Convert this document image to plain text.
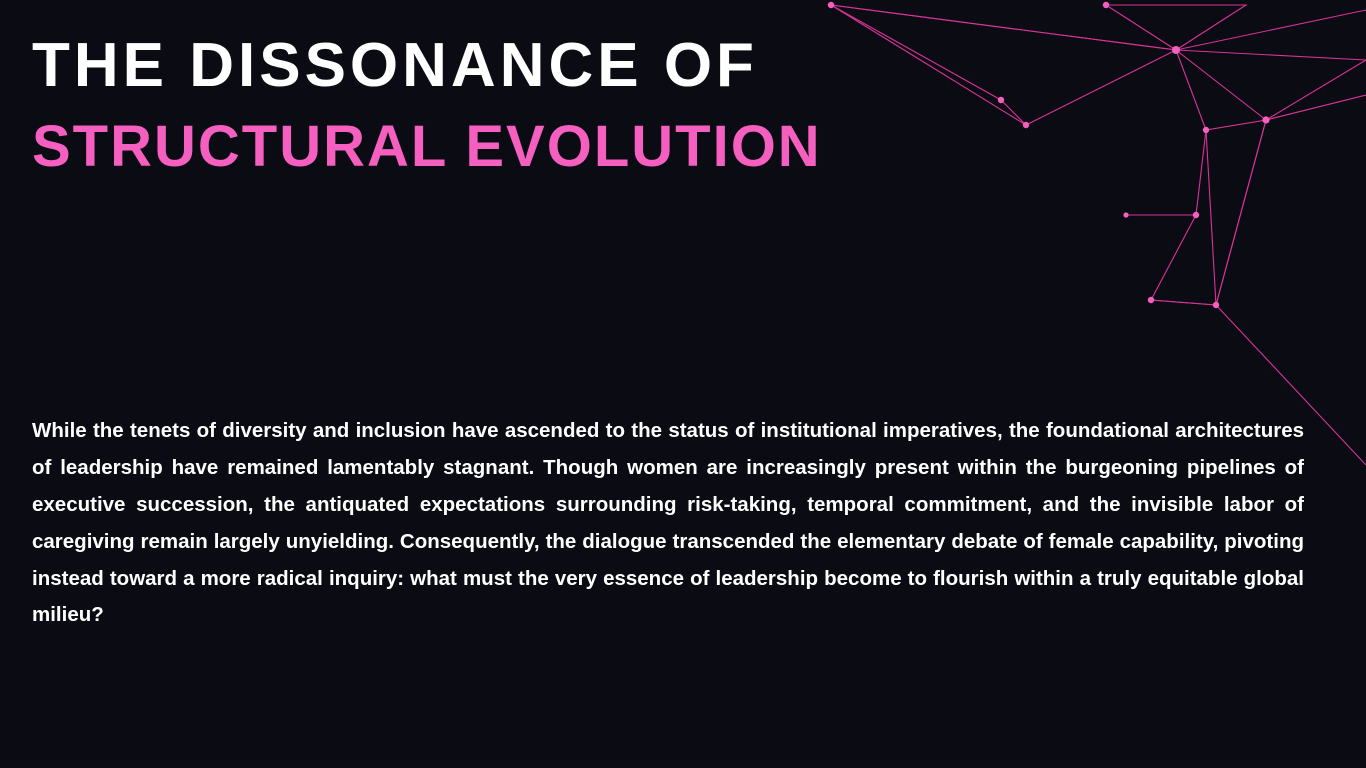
THE DISSONANCE OF
STRUCTURAL EVOLUTION

While the tenets of diversity and inclusion have ascended to the status of institutional imperatives, the foundational architectures of leadership have remained lamentably stagnant. Though women are increasingly present within the burgeoning pipelines of executive succession, the antiquated expectations surrounding risk-taking, temporal commitment, and the invisible labor of caregiving remain largely unyielding. Consequently, the dialogue transcended the elementary debate of female capability, pivoting instead toward a more radical inquiry: what must the very essence of leadership become to flourish within a truly equitable global milieu?
